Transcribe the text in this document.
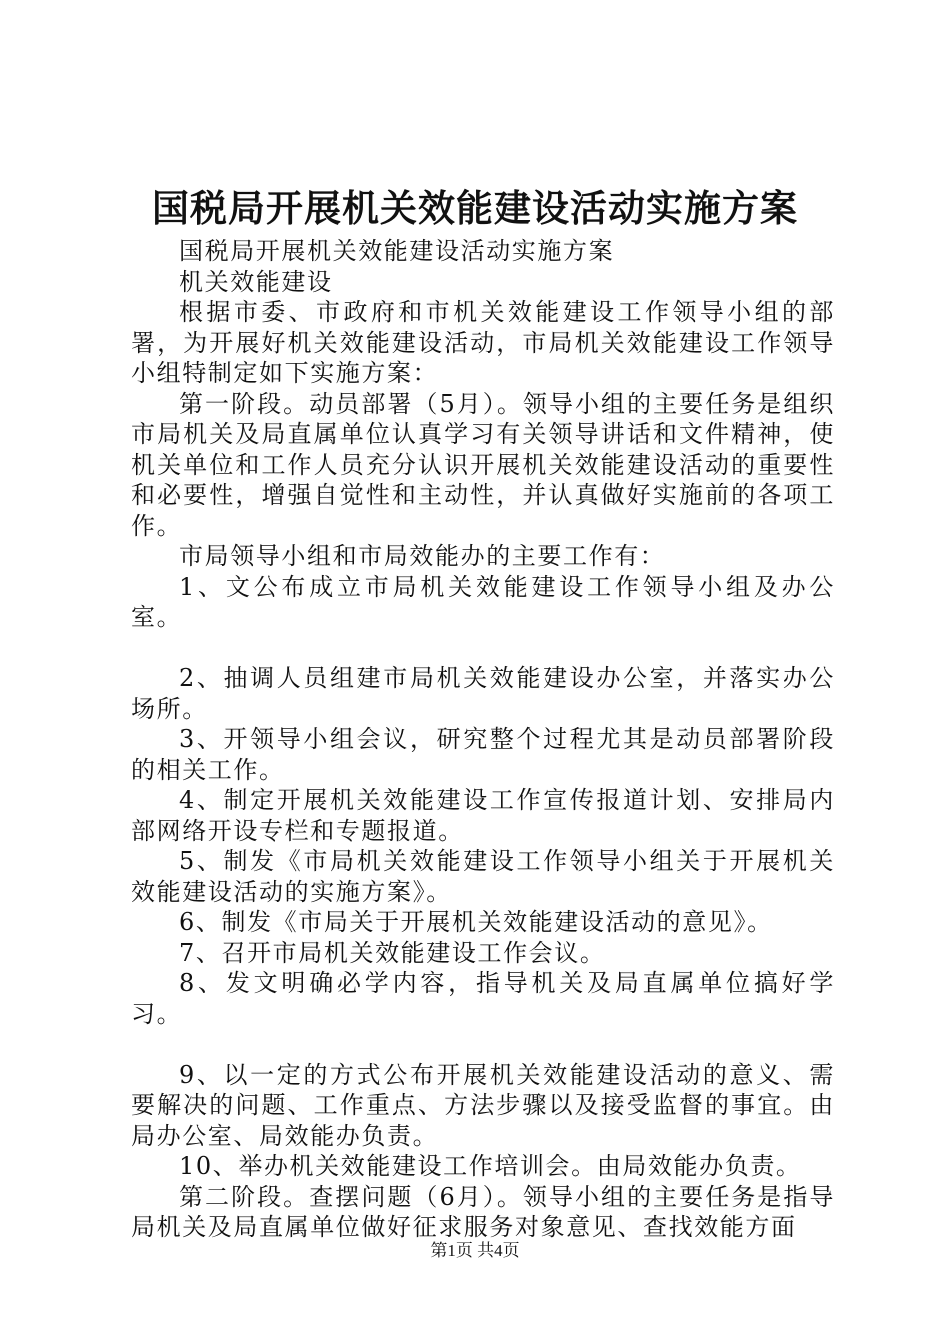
国税局开展机关效能建设活动实施方案

国税局开展机关效能建设活动实施方案

机关效能建设

根据市委、市政府和市机关效能建设工作领导小组的部署，为开展好机关效能建设活动，市局机关效能建设工作领导小组特制定如下实施方案：

第一阶段。动员部署（5月）。领导小组的主要任务是组织市局机关及局直属单位认真学习有关领导讲话和文件精神，使机关单位和工作人员充分认识开展机关效能建设活动的重要性和必要性，增强自觉性和主动性，并认真做好实施前的各项工作。

市局领导小组和市局效能办的主要工作有：

1、文公布成立市局机关效能建设工作领导小组及办公室。

2、抽调人员组建市局机关效能建设办公室，并落实办公场所。

3、开领导小组会议，研究整个过程尤其是动员部署阶段的相关工作。

4、制定开展机关效能建设工作宣传报道计划、安排局内部网络开设专栏和专题报道。

5、制发《市局机关效能建设工作领导小组关于开展机关效能建设活动的实施方案》。

6、制发《市局关于开展机关效能建设活动的意见》。

7、召开市局机关效能建设工作会议。

8、发文明确必学内容，指导机关及局直属单位搞好学习。

9、以一定的方式公布开展机关效能建设活动的意义、需要解决的问题、工作重点、方法步骤以及接受监督的事宜。由局办公室、局效能办负责。

10、举办机关效能建设工作培训会。由局效能办负责。

第二阶段。查摆问题（6月）。领导小组的主要任务是指导局机关及局直属单位做好征求服务对象意见、查找效能方面

第1页 共4页
